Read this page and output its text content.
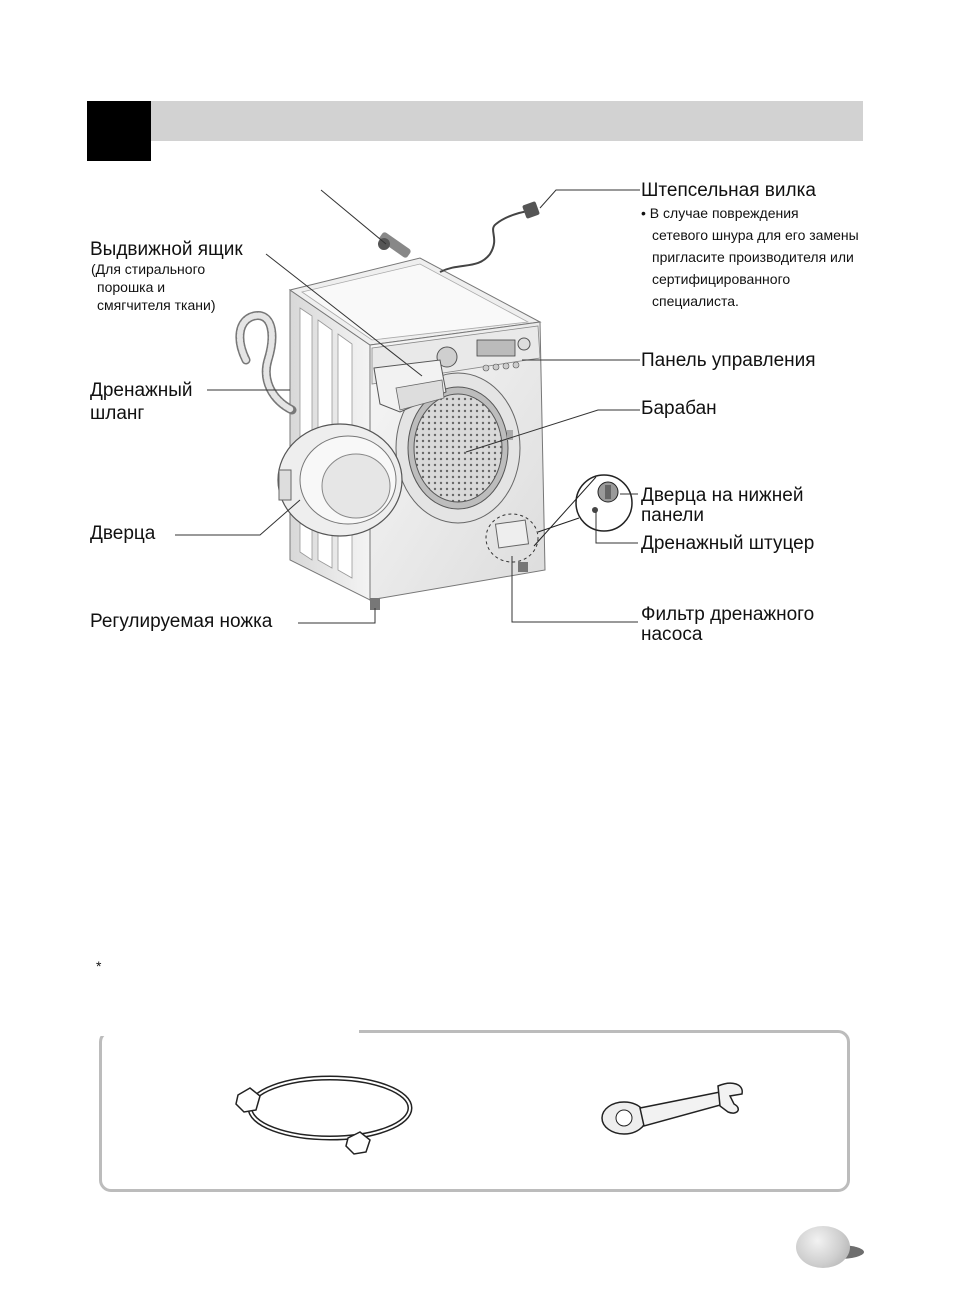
Штепсельная вилка
• В случае повреждения
сетевого шнура для его замены
пригласите производителя или
сертифицированного
специалиста.
Выдвижной ящик
(Для стирального
порошка и
смягчителя ткани)
Панель управления
Барабан
Дренажный
шланг
Дверца на нижней
панели
Дренажный штуцер
Дверца
Фильтр дренажного
насоса
Регулируемая ножка
*
